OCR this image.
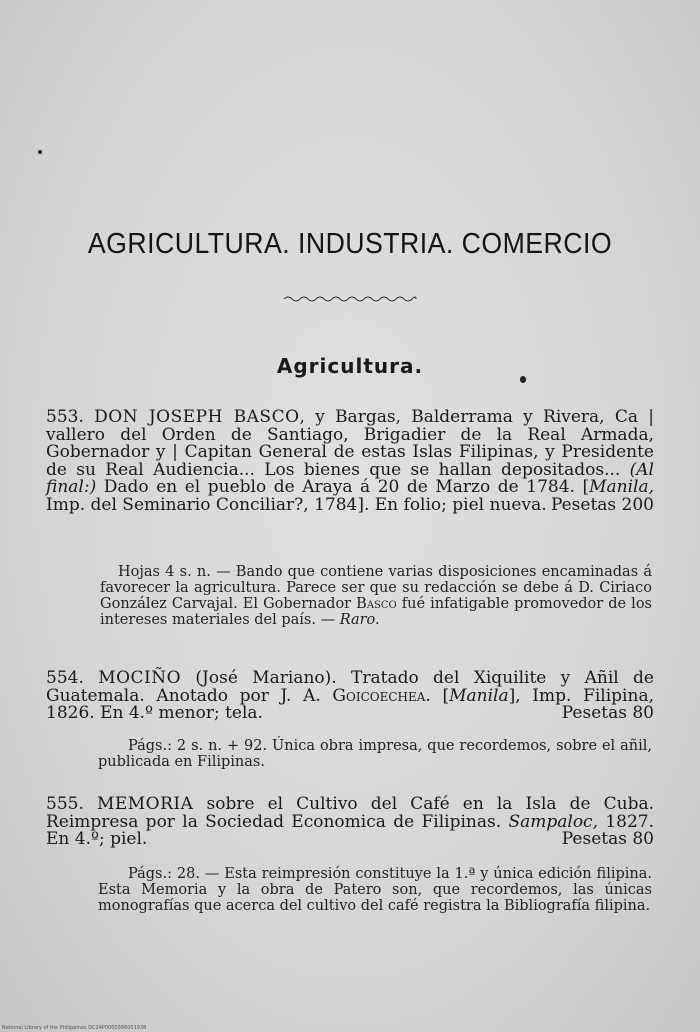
AGRICULTURA. INDUSTRIA. COMERCIO
Agricultura.
553. DON JOSEPH BASCO, y Bargas, Balderrama y Rivera, Ca | vallero del Orden de Santiago, Brigadier de la Real Armada, Gobernador y | Capitan General de estas Islas Filipinas, y Presidente de su Real Audiencia... Los bienes que se hallan depositados... (Al final:) Dado en el pueblo de Araya á 20 de Marzo de 1784. [Manila, Imp. del Seminario Conciliar?, 1784]. En folio; piel nueva. Pesetas 200
Hojas 4 s. n. — Bando que contiene varias disposiciones encaminadas á favorecer la agricultura. Parece ser que su redacción se debe á D. Ciriaco González Carvajal. El Gobernador Basco fué infatigable promovedor de los intereses materiales del país. — Raro.
554. MOCIÑO (José Mariano). Tratado del Xiquilite y Añil de Guatemala. Anotado por J. A. Goicoechea. [Manila], Imp. Filipina, 1826. En 4.º menor; tela.	Pesetas 80
Págs.: 2 s. n. + 92. Única obra impresa, que recordemos, sobre el añil, publicada en Filipinas.
555. MEMORIA sobre el Cultivo del Café en la Isla de Cuba. Reimpresa por la Sociedad Economica de Filipinas. Sampaloc, 1827. En 4.º; piel.	Pesetas 80
Págs.: 28. — Esta reimpresión constituye la 1.ª y única edición filipina. Esta Memoria y la obra de Patero son, que recordemos, las únicas monografías que acerca del cultivo del café registra la Bibliografía filipina.
National Library of the Philippines DC24P0000366001938
